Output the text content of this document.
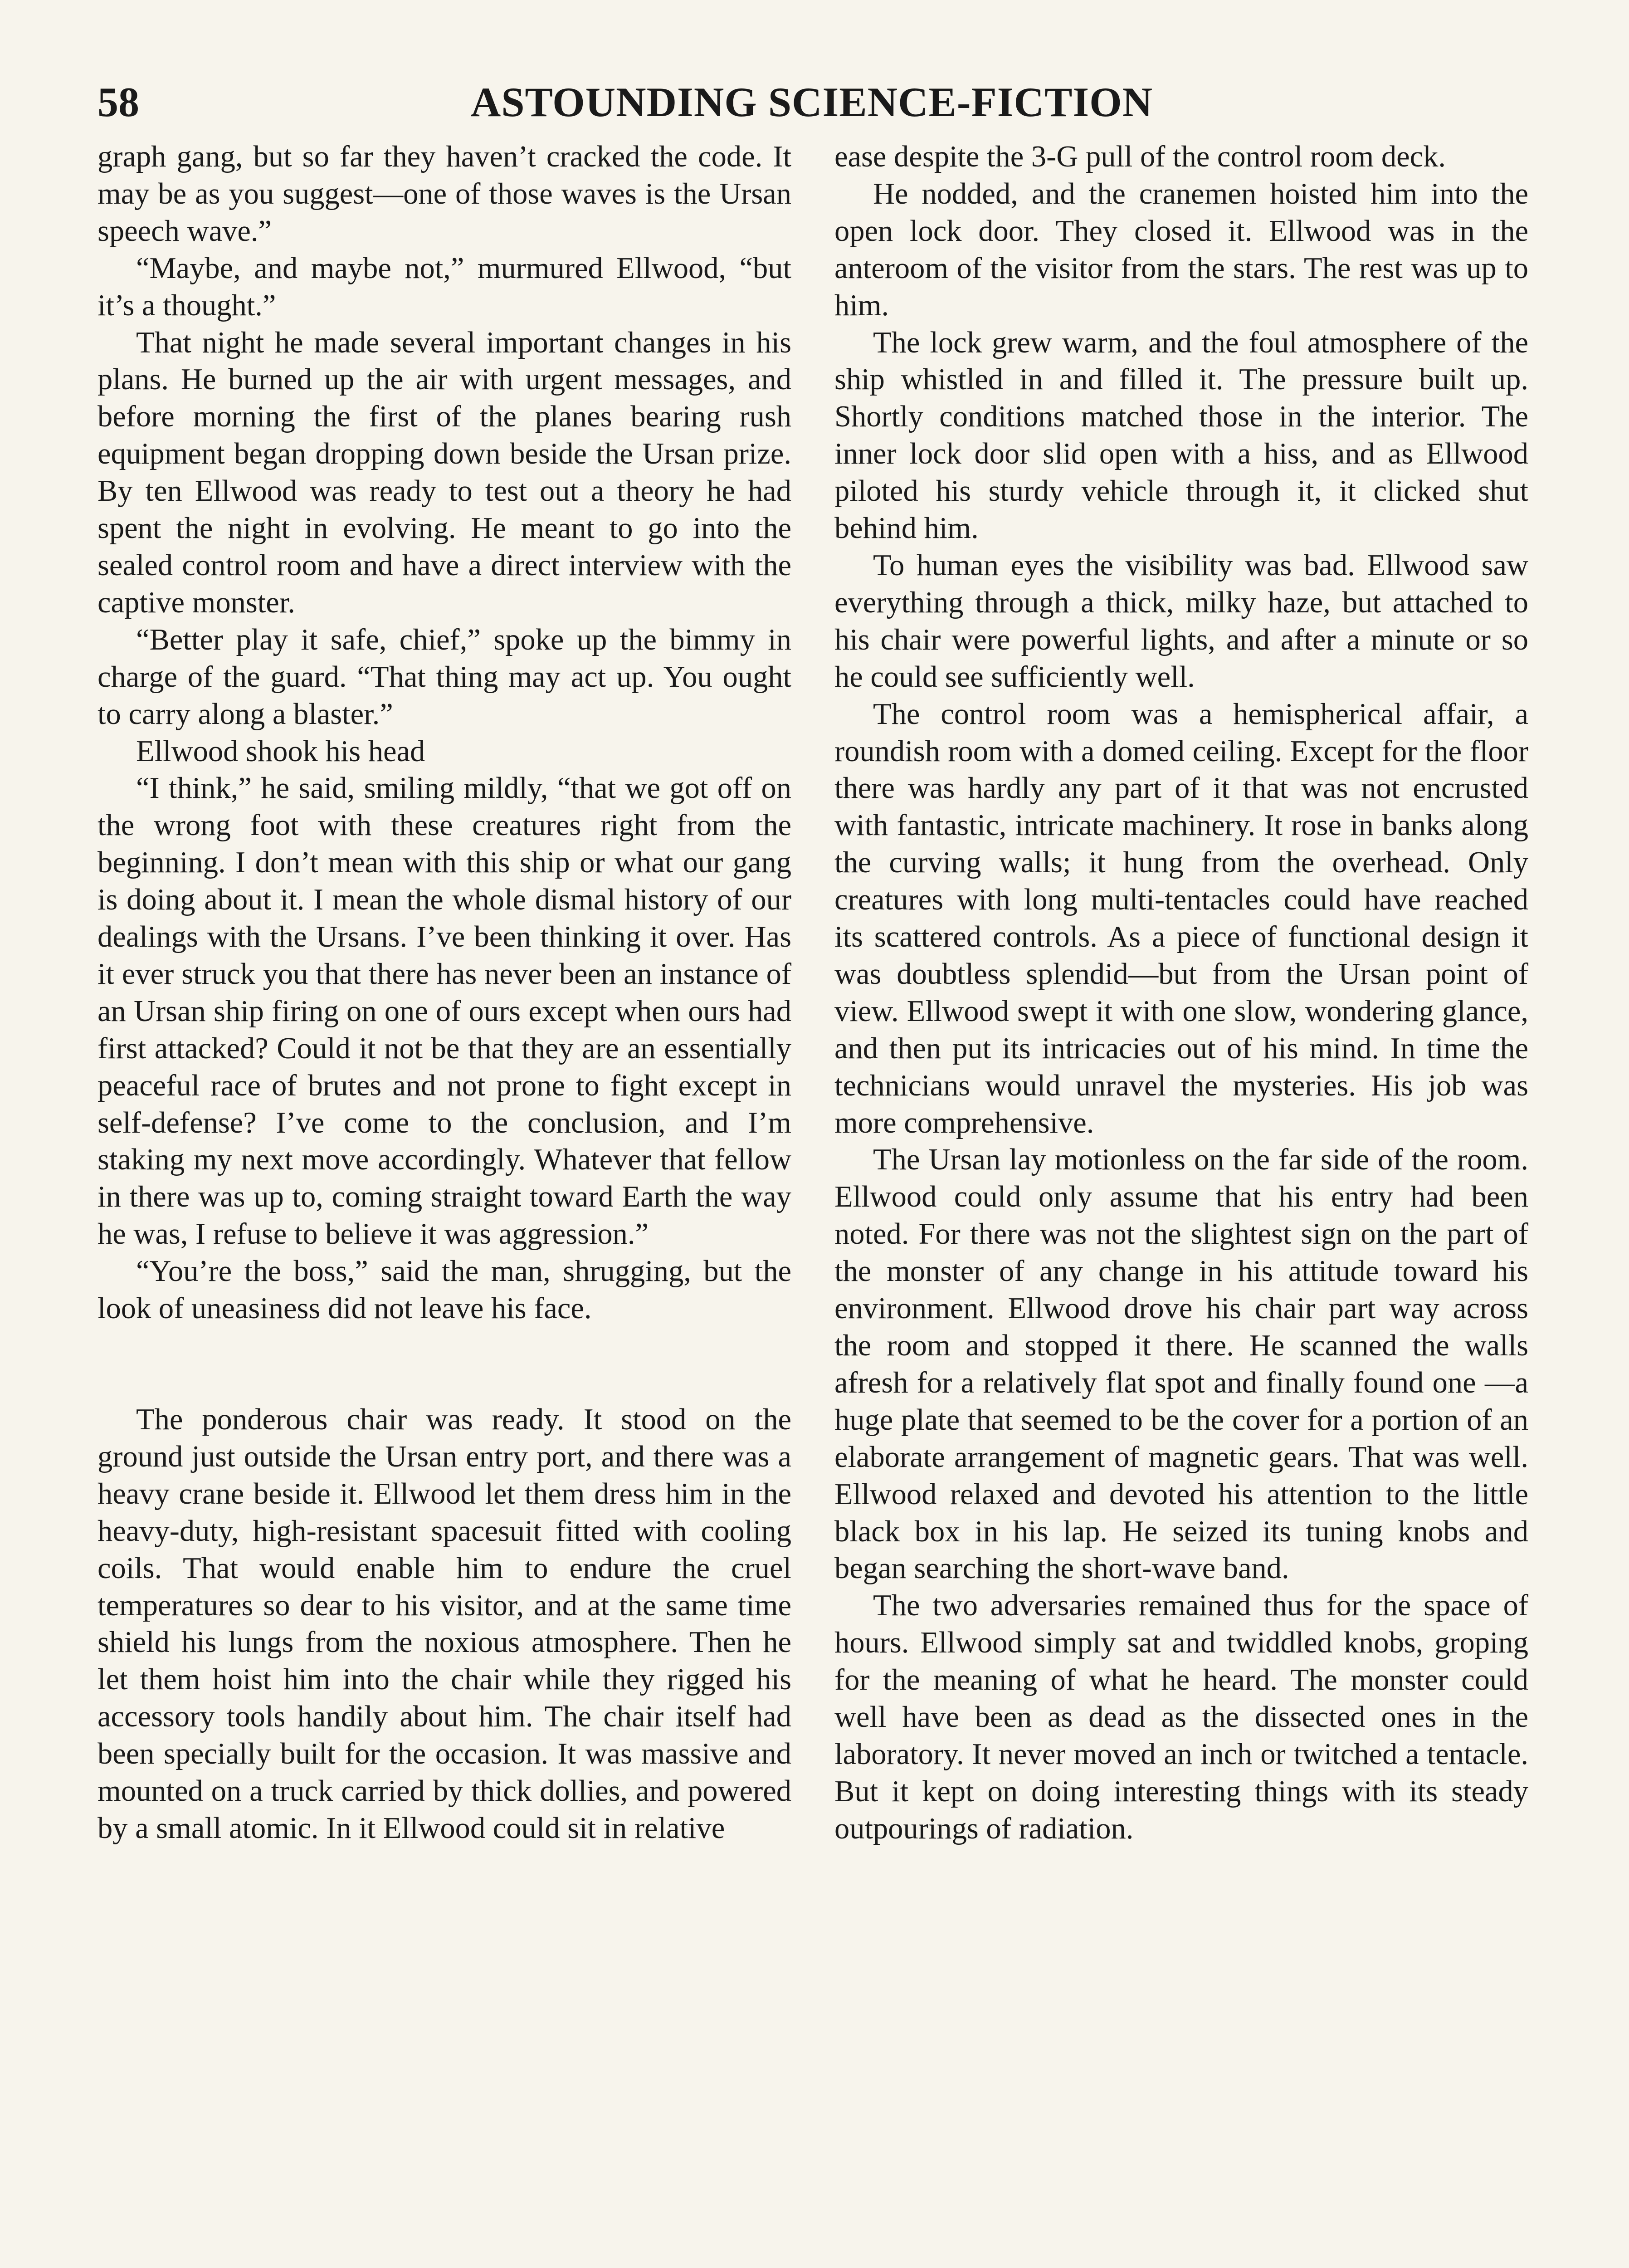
58	ASTOUNDING SCIENCE-FICTION

graph gang, but so far they haven’t cracked the code. It may be as you suggest—one of those waves is the Ursan speech wave.”

“Maybe, and maybe not,” murmured Ellwood, “but it’s a thought.”

That night he made several important changes in his plans. He burned up the air with urgent messages, and before morning the first of the planes bearing rush equipment began dropping down beside the Ursan prize. By ten Ellwood was ready to test out a theory he had spent the night in evolving. He meant to go into the sealed control room and have a direct interview with the captive monster.

“Better play it safe, chief,” spoke up the bimmy in charge of the guard. “That thing may act up. You ought to carry along a blaster.”

Ellwood shook his head

“I think,” he said, smiling mildly, “that we got off on the wrong foot with these creatures right from the beginning. I don’t mean with this ship or what our gang is doing about it. I mean the whole dismal history of our dealings with the Ursans. I’ve been thinking it over. Has it ever struck you that there has never been an instance of an Ursan ship firing on one of ours except when ours had first attacked? Could it not be that they are an essentially peaceful race of brutes and not prone to fight except in self-defense? I’ve come to the conclusion, and I’m staking my next move accordingly. Whatever that fellow in there was up to, coming straight toward Earth the way he was, I refuse to believe it was aggression.”

“You’re the boss,” said the man, shrugging, but the look of uneasiness did not leave his face.

The ponderous chair was ready. It stood on the ground just outside the Ursan entry port, and there was a heavy crane beside it. Ellwood let them dress him in the heavy-duty, high-resistant spacesuit fitted with cooling coils. That would enable him to endure the cruel temperatures so dear to his visitor, and at the same time shield his lungs from the noxious atmosphere. Then he let them hoist him into the chair while they rigged his accessory tools handily about him. The chair itself had been specially built for the occasion. It was massive and mounted on a truck carried by thick dollies, and powered by a small atomic. In it Ellwood could sit in relative

ease despite the 3-G pull of the control room deck.

He nodded, and the cranemen hoisted him into the open lock door. They closed it. Ellwood was in the anteroom of the visitor from the stars. The rest was up to him.

The lock grew warm, and the foul atmosphere of the ship whistled in and filled it. The pressure built up. Shortly conditions matched those in the interior. The inner lock door slid open with a hiss, and as Ellwood piloted his sturdy vehicle through it, it clicked shut behind him.

To human eyes the visibility was bad. Ellwood saw everything through a thick, milky haze, but attached to his chair were powerful lights, and after a minute or so he could see sufficiently well.

The control room was a hemispherical affair, a roundish room with a domed ceiling. Except for the floor there was hardly any part of it that was not encrusted with fantastic, intricate machinery. It rose in banks along the curving walls; it hung from the overhead. Only creatures with long multi-tentacles could have reached its scattered controls. As a piece of functional design it was doubtless splendid—but from the Ursan point of view. Ellwood swept it with one slow, wondering glance, and then put its intricacies out of his mind. In time the technicians would unravel the mysteries. His job was more comprehensive.

The Ursan lay motionless on the far side of the room. Ellwood could only assume that his entry had been noted. For there was not the slightest sign on the part of the monster of any change in his attitude toward his environment. Ellwood drove his chair part way across the room and stopped it there. He scanned the walls afresh for a relatively flat spot and finally found one —a huge plate that seemed to be the cover for a portion of an elaborate arrangement of magnetic gears. That was well. Ellwood relaxed and devoted his attention to the little black box in his lap. He seized its tuning knobs and began searching the short-wave band.

The two adversaries remained thus for the space of hours. Ellwood simply sat and twiddled knobs, groping for the meaning of what he heard. The monster could well have been as dead as the dissected ones in the laboratory. It never moved an inch or twitched a tentacle. But it kept on doing interesting things with its steady outpourings of radiation.
